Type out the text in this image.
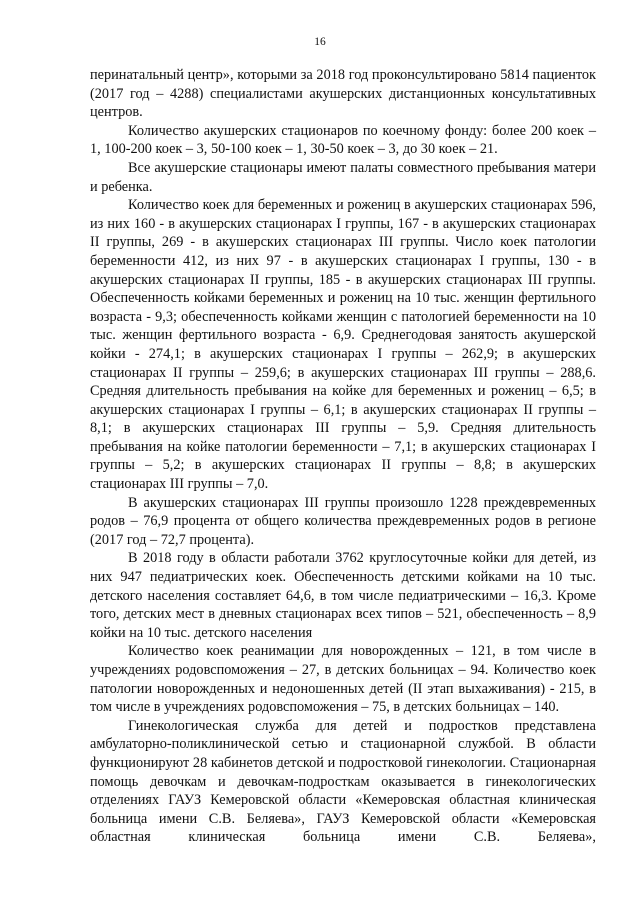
16

перинатальный центр», которыми за 2018 год проконсультировано 5814 пациенток (2017 год – 4288) специалистами акушерских дистанционных консультативных центров.

Количество акушерских стационаров по коечному фонду: более 200 коек – 1, 100-200 коек – 3, 50-100 коек – 1, 30-50 коек – 3, до 30 коек – 21.

Все акушерские стационары имеют палаты совместного пребывания матери и ребенка.

Количество коек для беременных и рожениц в акушерских стационарах 596, из них 160 - в акушерских стационарах I группы, 167 - в акушерских стационарах II группы, 269 - в акушерских стационарах III группы. Число коек патологии беременности 412, из них 97 - в акушерских стационарах I группы, 130 - в акушерских стационарах II группы, 185 - в акушерских стационарах III группы. Обеспеченность койками беременных и рожениц на 10 тыс. женщин фертильного возраста - 9,3; обеспеченность койками женщин с патологией беременности на 10 тыс. женщин фертильного возраста - 6,9. Среднегодовая занятость акушерской койки - 274,1; в акушерских стационарах I группы – 262,9; в акушерских стационарах II группы – 259,6; в акушерских стационарах III группы – 288,6. Средняя длительность пребывания на койке для беременных и рожениц – 6,5; в акушерских стационарах I группы – 6,1; в акушерских стационарах II группы – 8,1; в акушерских стационарах III группы – 5,9. Средняя длительность пребывания на койке патологии беременности – 7,1; в акушерских стационарах I группы – 5,2; в акушерских стационарах II группы – 8,8; в акушерских стационарах III группы – 7,0.

В акушерских стационарах III группы произошло 1228 преждевременных родов – 76,9 процента от общего количества преждевременных родов в регионе (2017 год – 72,7 процента).

В 2018 году в области работали 3762 круглосуточные койки для детей, из них 947 педиатрических коек. Обеспеченность детскими койками на 10 тыс. детского населения составляет 64,6, в том числе педиатрическими – 16,3. Кроме того, детских мест в дневных стационарах всех типов – 521, обеспеченность – 8,9 койки на 10 тыс. детского населения

Количество коек реанимации для новорожденных – 121, в том числе в учреждениях родовспоможения – 27, в детских больницах – 94. Количество коек патологии новорожденных и недоношенных детей (II этап выхаживания) - 215, в том числе в учреждениях родовспоможения – 75, в детских больницах – 140.

Гинекологическая служба для детей и подростков представлена амбулаторно-поликлинической сетью и стационарной службой. В области функционируют 28 кабинетов детской и подростковой гинекологии. Стационарная помощь девочкам и девочкам-подросткам оказывается в гинекологических отделениях ГАУЗ Кемеровской области «Кемеровская областная клиническая больница имени С.В. Беляева», ГАУЗ Кемеровской области «Кемеровская областная клиническая больница имени С.В. Беляева»,
